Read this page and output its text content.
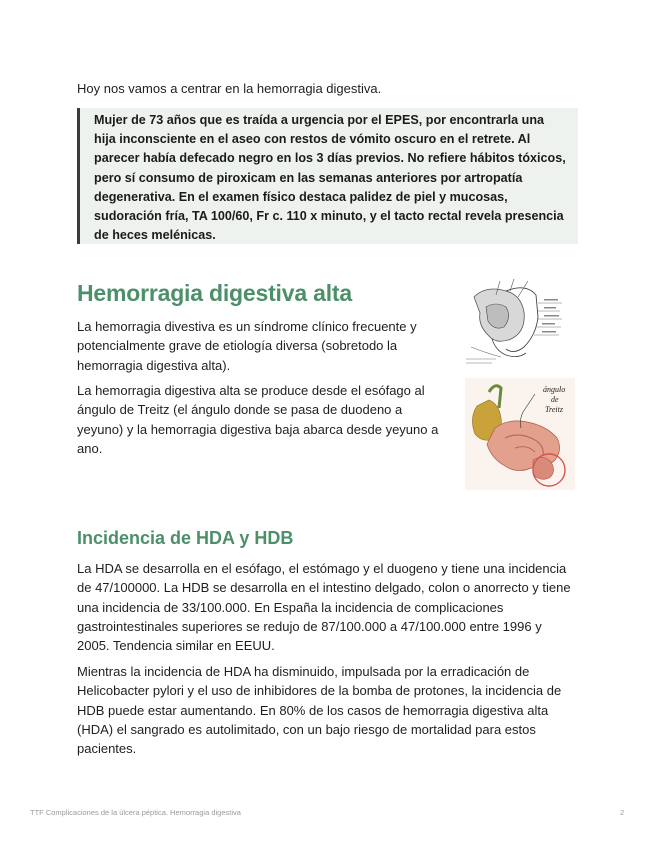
Hoy nos vamos a centrar en la hemorragia digestiva.

Mujer de 73 años que es traída a urgencia por el EPES, por encontrarla una hija inconsciente en el aseo con restos de vómito oscuro en el retrete. Al parecer había defecado negro en los 3 días previos. No refiere hábitos tóxicos, pero sí consumo de piroxicam en las semanas anteriores por artropatía degenerativa. En el examen físico destaca palidez de piel y mucosas, sudoración fría, TA 100/60, Fr c. 110 x minuto, y el tacto rectal revela presencia de heces melénicas.

Hemorragia digestiva alta

La hemorragia divestiva es un síndrome clínico frecuente y potencialmente grave de etiología diversa (sobretodo la hemorragia digestiva alta).

La hemorragia digestiva alta se produce desde el esófago al ángulo de Treitz (el ángulo donde se pasa de duodeno a yeyuno) y la hemorragia digestiva baja abarca desde yeyuno a ano.

ángulo
de
Treitz
Incidencia de HDA y HDB

La HDA se desarrolla en el esófago, el estómago y el duogeno y tiene una incidencia de 47/100000. La HDB se desarrolla en el intestino delgado, colon o anorrecto y tiene una incidencia de 33/100.000. En España la incidencia de complicaciones gastrointestinales superiores se redujo de 87/100.000 a 47/100.000 entre 1996 y 2005. Tendencia similar en EEUU.

Mientras la incidencia de HDA ha disminuido, impulsada por la erradicación de Helicobacter pylori y el uso de inhibidores de la bomba de protones, la incidencia de HDB puede estar aumentando. En 80% de los casos de hemorragia digestiva alta (HDA) el sangrado es autolimitado, con un bajo riesgo de mortalidad para estos pacientes.

TTF Complicaciones de la úlcera péptica. Hemorragia digestiva	2
